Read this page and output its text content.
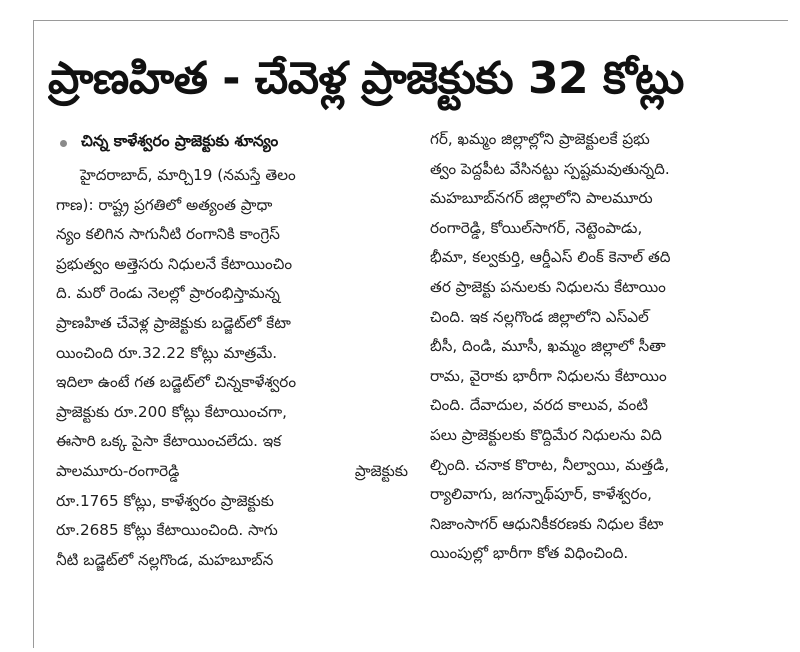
ప్రాణహిత - చేవెళ్ల ప్రాజెక్టుకు 32 కోట్లు
చిన్న కాళేశ్వరం ప్రాజెక్టుకు శూన్యం
హైదరాబాద్, మార్చి19 (నమస్తే తెలం
గాణ): రాష్ట్ర ప్రగతిలో అత్యంత ప్రాధా
న్యం కలిగిన సాగునీటి రంగానికి కాంగ్రెస్
ప్రభుత్వం అత్తెసరు నిధులనే కేటాయించిం
ది. మరో రెండు నెలల్లో ప్రారంభిస్తామన్న
ప్రాణహిత చేవెళ్ల ప్రాజెక్టుకు బడ్జెట్‌లో కేటా
యించింది రూ.32.22 కోట్లు మాత్రమే.
ఇదిలా ఉంటే గత బడ్జెట్‌లో చిన్నకాళేశ్వరం
ప్రాజెక్టుకు రూ.200 కోట్లు కేటాయించగా,
ఈసారి ఒక్క పైసా కేటాయించలేదు. ఇక
పాలమూరు-రంగారెడ్డి	ప్రాజెక్టుకు
రూ.1765 కోట్లు, కాళేశ్వరం ప్రాజెక్టుకు
రూ.2685 కోట్లు కేటాయించింది. సాగు
నీటి బడ్జెట్‌లో నల్లగొండ, మహబూబ్‌న
గర్, ఖమ్మం జిల్లాల్లోని ప్రాజెక్టులకే ప్రభు
త్వం పెద్దపీట వేసినట్టు స్పష్టమవుతున్నది.
మహబూబ్‌నగర్ జిల్లాలోని పాలమూరు
రంగారెడ్డి, కోయిల్‌సాగర్, నెట్టెంపాడు,
భీమా, కల్వకుర్తి, ఆర్డీఎస్ లింక్ కెనాల్ తది
తర ప్రాజెక్టు పనులకు నిధులను కేటాయిం
చింది. ఇక నల్లగొండ జిల్లాలోని ఎస్‌ఎల్
బీసీ, దిండి, మూసీ, ఖమ్మం జిల్లాలో సీతా
రామ, వైరాకు భారీగా నిధులను కేటాయిం
చింది. దేవాదుల, వరద కాలువ, వంటి
పలు ప్రాజెక్టులకు కొద్దిమేర నిధులను విది
ల్చింది. చనాక కొరాట, నీల్వాయి, మత్తడి,
ర్యాలివాగు, జగన్నాథ్‌పూర్, కాళేశ్వరం,
నిజాంసాగర్ ఆధునికీకరణకు నిధుల కేటా
యింపుల్లో భారీగా కోత విధించింది.
